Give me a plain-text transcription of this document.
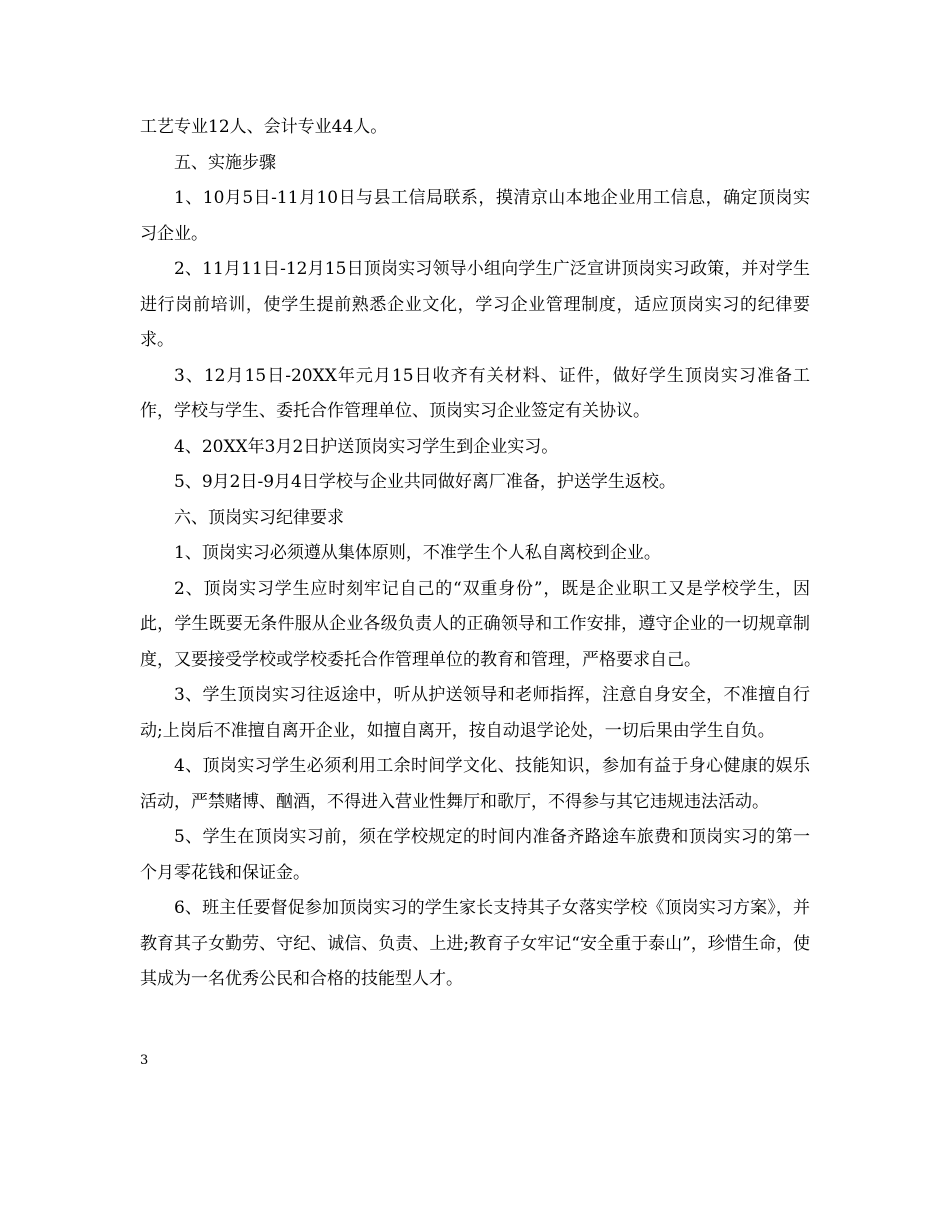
工艺专业12人、会计专业44人。

五、实施步骤

1、10月5日-11月10日与县工信局联系，摸清京山本地企业用工信息，确定顶岗实习企业。

2、11月11日-12月15日顶岗实习领导小组向学生广泛宣讲顶岗实习政策，并对学生进行岗前培训，使学生提前熟悉企业文化，学习企业管理制度，适应顶岗实习的纪律要求。

3、12月15日-20XX年元月15日收齐有关材料、证件，做好学生顶岗实习准备工作，学校与学生、委托合作管理单位、顶岗实习企业签定有关协议。

4、20XX年3月2日护送顶岗实习学生到企业实习。

5、9月2日-9月4日学校与企业共同做好离厂准备，护送学生返校。

六、顶岗实习纪律要求

1、顶岗实习必须遵从集体原则，不准学生个人私自离校到企业。

2、顶岗实习学生应时刻牢记自己的“双重身份”，既是企业职工又是学校学生，因此，学生既要无条件服从企业各级负责人的正确领导和工作安排，遵守企业的一切规章制度，又要接受学校或学校委托合作管理单位的教育和管理，严格要求自己。

3、学生顶岗实习往返途中，听从护送领导和老师指挥，注意自身安全，不准擅自行动;上岗后不准擅自离开企业，如擅自离开，按自动退学论处，一切后果由学生自负。

4、顶岗实习学生必须利用工余时间学文化、技能知识，参加有益于身心健康的娱乐活动，严禁赌博、酗酒，不得进入营业性舞厅和歌厅，不得参与其它违规违法活动。

5、学生在顶岗实习前，须在学校规定的时间内准备齐路途车旅费和顶岗实习的第一个月零花钱和保证金。

6、班主任要督促参加顶岗实习的学生家长支持其子女落实学校《顶岗实习方案》，并教育其子女勤劳、守纪、诚信、负责、上进;教育子女牢记“安全重于泰山”，珍惜生命，使其成为一名优秀公民和合格的技能型人才。

3
